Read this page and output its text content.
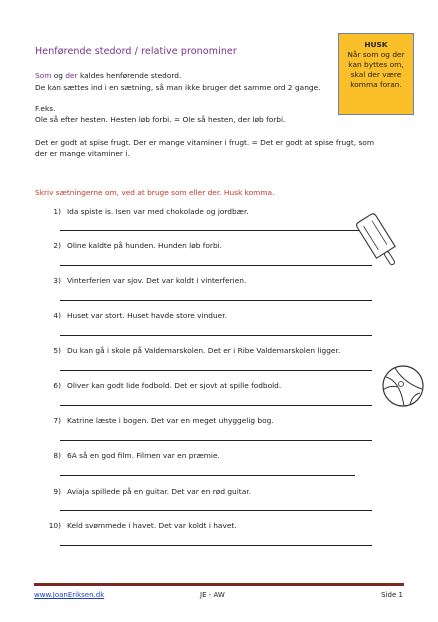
Henførende stedord / relative pronominer
HUSK
Når som og der
kan byttes om,
skal der være
komma foran.
Som og der kaldes henførende stedord.
De kan sættes ind i en sætning, så man ikke bruger det samme ord 2 gange.
F.eks.
Ole så efter hesten. Hesten løb forbi. = Ole så hesten, der løb forbi.
Det er godt at spise frugt. Der er mange vitaminer i frugt. = Det er godt at spise frugt, som
der er mange vitaminer i.
Skriv sætningerne om, ved at bruge som eller der. Husk komma.
1) Ida spiste is. Isen var med chokolade og jordbær.
2) Oline kaldte på hunden. Hunden løb forbi.
3) Vinterferien var sjov. Det var koldt i vinterferien.
4) Huset var stort. Huset havde store vinduer.
5) Du kan gå i skole på Valdemarskolen. Det er i Ribe Valdemarskolen ligger.
6) Oliver kan godt lide fodbold. Det er sjovt at spille fodbold.
7) Katrine læste i bogen. Det var en meget uhyggelig bog.
8) 6A så en god film. Filmen var en præmie.
9) Aviaja spillede på en guitar. Det var en rød guitar.
10) Keld svømmede i havet. Det var koldt i havet.
www.JoanEriksen.dk	JE - AW	Side 1
